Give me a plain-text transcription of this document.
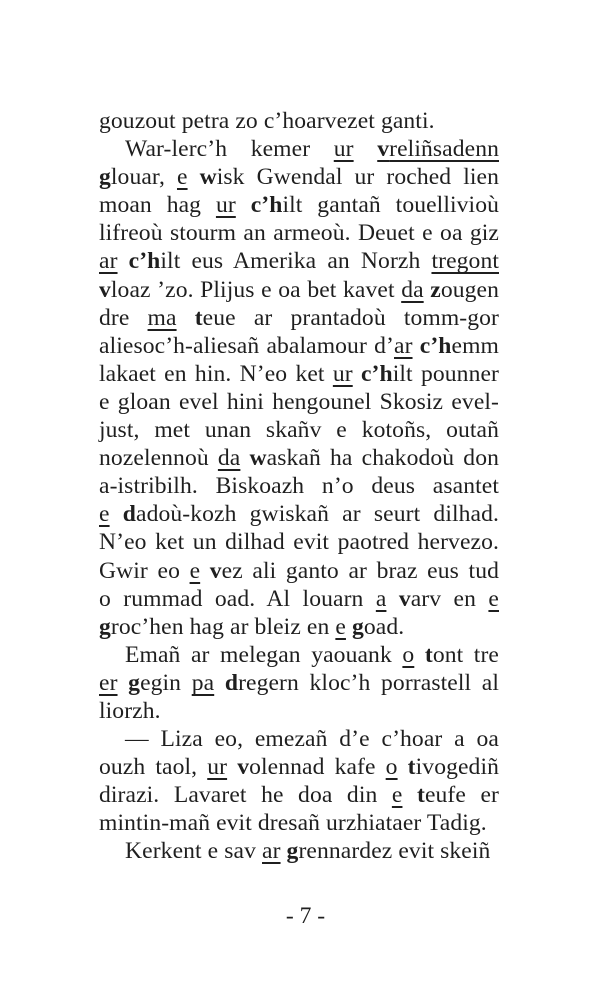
gouzout petra zo c’hoarvezet ganti.
War-lerc’h kemer ur vreliñsadenn
glouar, e wisk Gwendal ur roched lien
moan hag ur c’hilt gantañ touellivioù
lifreoù stourm an armeoù. Deuet e oa giz
ar c’hilt eus Amerika an Norzh tregont
vloaz ’zo. Plijus e oa bet kavet da zougen
dre ma teue ar prantadoù tomm-gor
aliesoc’h-aliesañ abalamour d’ar c’hemm
lakaet en hin. N’eo ket ur c’hilt pounner
e gloan evel hini hengounel Skosiz evel-
just, met unan skañv e kotoñs, outañ
nozelennoù da waskañ ha chakodoù don
a-istribilh. Biskoazh n’o deus asantet
e dadoù-kozh gwiskañ ar seurt dilhad.
N’eo ket un dilhad evit paotred hervezo.
Gwir eo e vez ali ganto ar braz eus tud
o rummad oad. Al louarn a varv en e
groc’hen hag ar bleiz en e goad.
Emañ ar melegan yaouank o tont tre
er gegin pa dregern kloc’h porrastell al
liorzh.
— Liza eo, emezañ d’e c’hoar a oa
ouzh taol, ur volennad kafe o tivogediñ
dirazi. Lavaret he doa din e teufe er
mintin-mañ evit dresañ urzhiataer Tadig.
Kerkent e sav ar grennardez evit skeiñ
- 7 -
